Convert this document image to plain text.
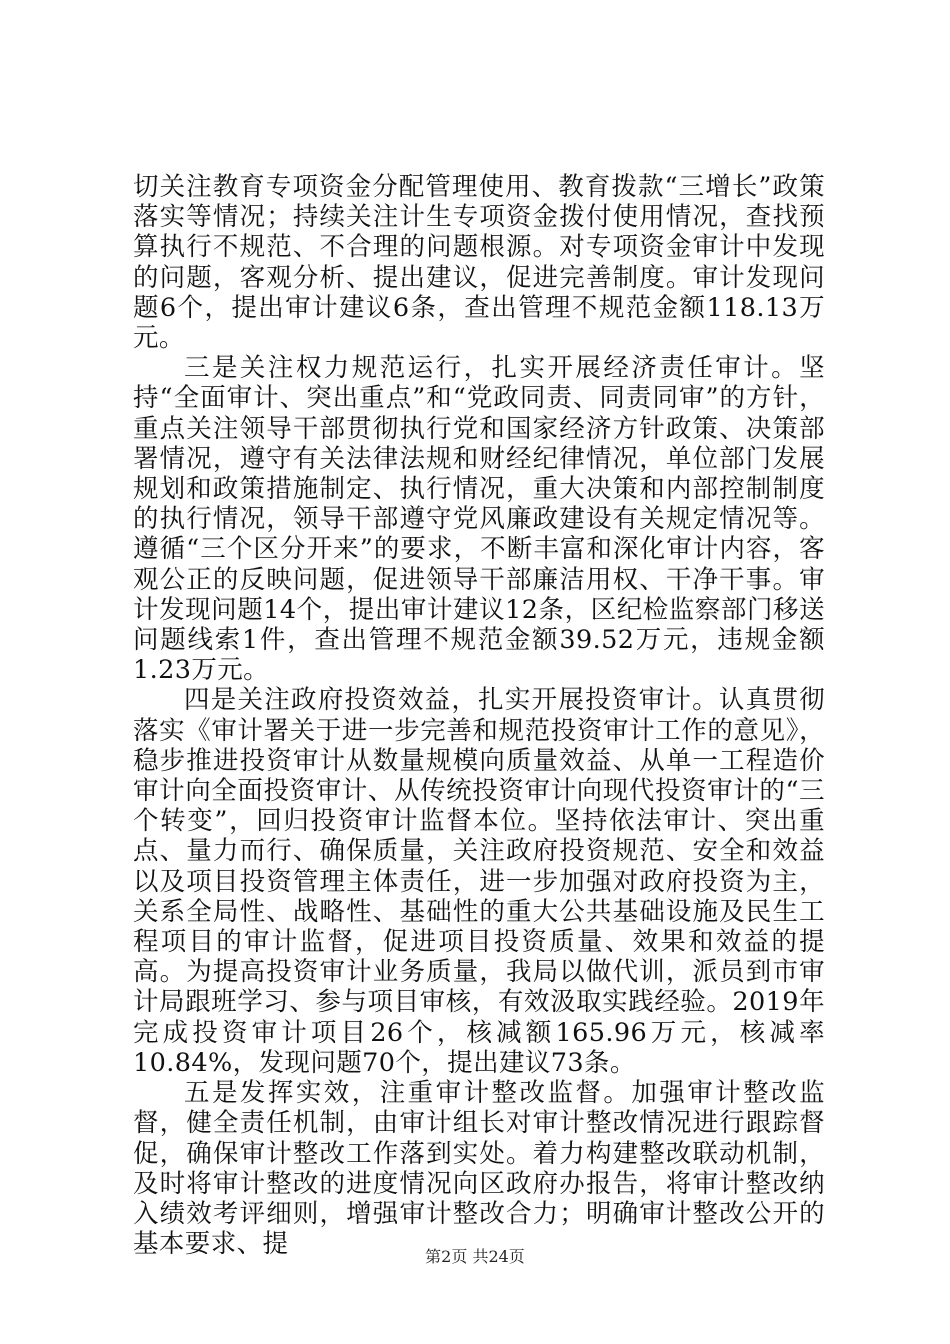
切关注教育专项资金分配管理使用、教育拨款“三增长”政策落实等情况；持续关注计生专项资金拨付使用情况，查找预算执行不规范、不合理的问题根源。对专项资金审计中发现的问题，客观分析、提出建议，促进完善制度。审计发现问题6个，提出审计建议6条，查出管理不规范金额118.13万元。

三是关注权力规范运行，扎实开展经济责任审计。坚持“全面审计、突出重点”和“党政同责、同责同审”的方针，重点关注领导干部贯彻执行党和国家经济方针政策、决策部署情况，遵守有关法律法规和财经纪律情况，单位部门发展规划和政策措施制定、执行情况，重大决策和内部控制制度的执行情况，领导干部遵守党风廉政建设有关规定情况等。遵循“三个区分开来”的要求，不断丰富和深化审计内容，客观公正的反映问题，促进领导干部廉洁用权、干净干事。审计发现问题14个，提出审计建议12条，区纪检监察部门移送问题线索1件，查出管理不规范金额39.52万元，违规金额1.23万元。

四是关注政府投资效益，扎实开展投资审计。认真贯彻落实《审计署关于进一步完善和规范投资审计工作的意见》，稳步推进投资审计从数量规模向质量效益、从单一工程造价审计向全面投资审计、从传统投资审计向现代投资审计的“三个转变”，回归投资审计监督本位。坚持依法审计、突出重点、量力而行、确保质量，关注政府投资规范、安全和效益以及项目投资管理主体责任，进一步加强对政府投资为主，关系全局性、战略性、基础性的重大公共基础设施及民生工程项目的审计监督，促进项目投资质量、效果和效益的提高。为提高投资审计业务质量，我局以做代训，派员到市审计局跟班学习、参与项目审核，有效汲取实践经验。2019年完成投资审计项目26个，核减额165.96万元，核减率10.84%，发现问题70个，提出建议73条。

五是发挥实效，注重审计整改监督。加强审计整改监督，健全责任机制，由审计组长对审计整改情况进行跟踪督促，确保审计整改工作落到实处。着力构建整改联动机制，及时将审计整改的进度情况向区政府办报告，将审计整改纳入绩效考评细则，增强审计整改合力；明确审计整改公开的基本要求、提	第2页 共24页
